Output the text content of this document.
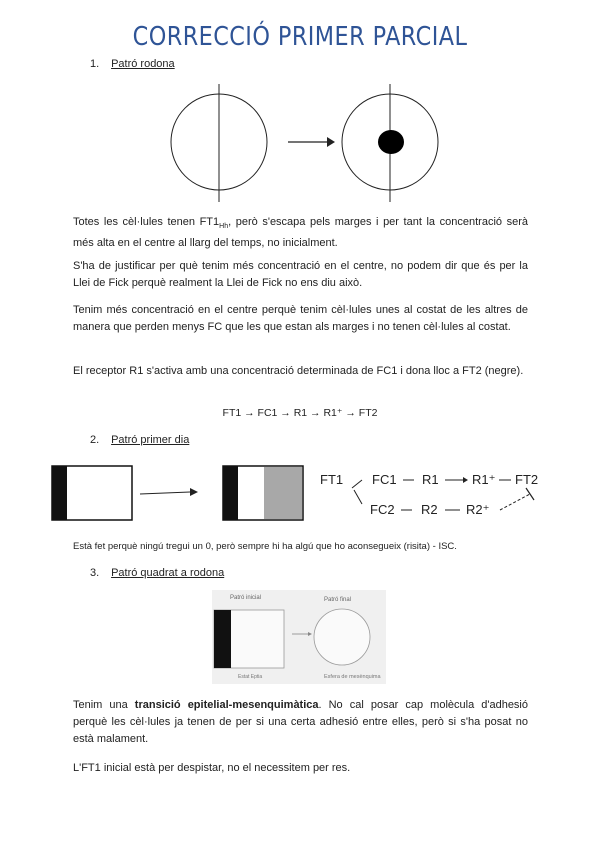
CORRECCIÓ PRIMER PARCIAL
1. Patró rodona
Totes les cèl·lules tenen $FT1_{Hh}$, però s'escapa pels marges i per tant la concentració serà més alta en el centre al llarg del temps, no inicialment.
S'ha de justificar per què tenim més concentració en el centre, no podem dir que és per la Llei de Fick perquè realment la Llei de Fick no ens diu això.
Tenim més concentració en el centre perquè tenim cèl·lules unes al costat de les altres de manera que perden menys FC que les que estan als marges i no tenen cèl·lules al costat.
El receptor R1 s'activa amb una concentració determinada de FC1 i dona lloc a FT2 (negre).
FT1 → FC1 → R1 → R1⁺ → FT2
2. Patró primer dia
FT1 FC1 R1	R1⁺ FT2
FC2 R2 R2⁺
Està fet perquè ningú tregui un 0, però sempre hi ha algú que ho aconsegueix (risita) - ISC.
3. Patró quadrat a rodona
Patró inicial	Patró final
Estat Eptia	Esfera de mesènquima
Tenim una transició epitelial-mesenquimàtica. No cal posar cap molècula d'adhesió perquè les cèl·lules ja tenen de per si una certa adhesió entre elles, però si s'ha posat no està malament.
L'FT1 inicial està per despistar, no el necessitem per res.
